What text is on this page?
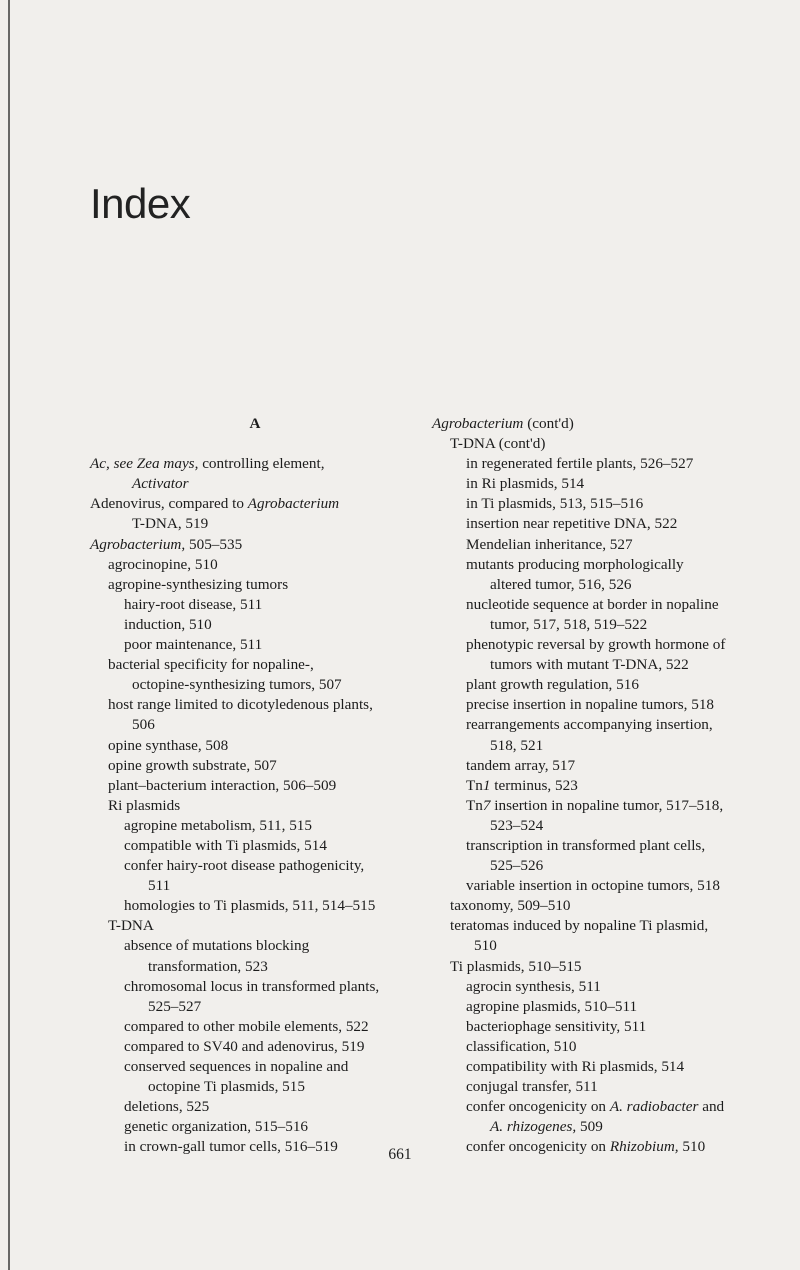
Index
A
Ac, see Zea mays, controlling element,
Activator
Adenovirus, compared to Agrobacterium
T-DNA, 519
Agrobacterium, 505–535
agrocinopine, 510
agropine-synthesizing tumors
hairy-root disease, 511
induction, 510
poor maintenance, 511
bacterial specificity for nopaline-,
octopine-synthesizing tumors, 507
host range limited to dicotyledenous plants,
506
opine synthase, 508
opine growth substrate, 507
plant–bacterium interaction, 506–509
Ri plasmids
agropine metabolism, 511, 515
compatible with Ti plasmids, 514
confer hairy-root disease pathogenicity,
511
homologies to Ti plasmids, 511, 514–515
T-DNA
absence of mutations blocking
transformation, 523
chromosomal locus in transformed plants,
525–527
compared to other mobile elements, 522
compared to SV40 and adenovirus, 519
conserved sequences in nopaline and
octopine Ti plasmids, 515
deletions, 525
genetic organization, 515–516
in crown-gall tumor cells, 516–519
Agrobacterium (cont'd)
T-DNA (cont'd)
in regenerated fertile plants, 526–527
in Ri plasmids, 514
in Ti plasmids, 513, 515–516
insertion near repetitive DNA, 522
Mendelian inheritance, 527
mutants producing morphologically
altered tumor, 516, 526
nucleotide sequence at border in nopaline
tumor, 517, 518, 519–522
phenotypic reversal by growth hormone of
tumors with mutant T-DNA, 522
plant growth regulation, 516
precise insertion in nopaline tumors, 518
rearrangements accompanying insertion,
518, 521
tandem array, 517
Tn1 terminus, 523
Tn7 insertion in nopaline tumor, 517–518,
523–524
transcription in transformed plant cells,
525–526
variable insertion in octopine tumors, 518
taxonomy, 509–510
teratomas induced by nopaline Ti plasmid,
510
Ti plasmids, 510–515
agrocin synthesis, 511
agropine plasmids, 510–511
bacteriophage sensitivity, 511
classification, 510
compatibility with Ri plasmids, 514
conjugal transfer, 511
confer oncogenicity on A. radiobacter and
A. rhizogenes, 509
confer oncogenicity on Rhizobium, 510
661
